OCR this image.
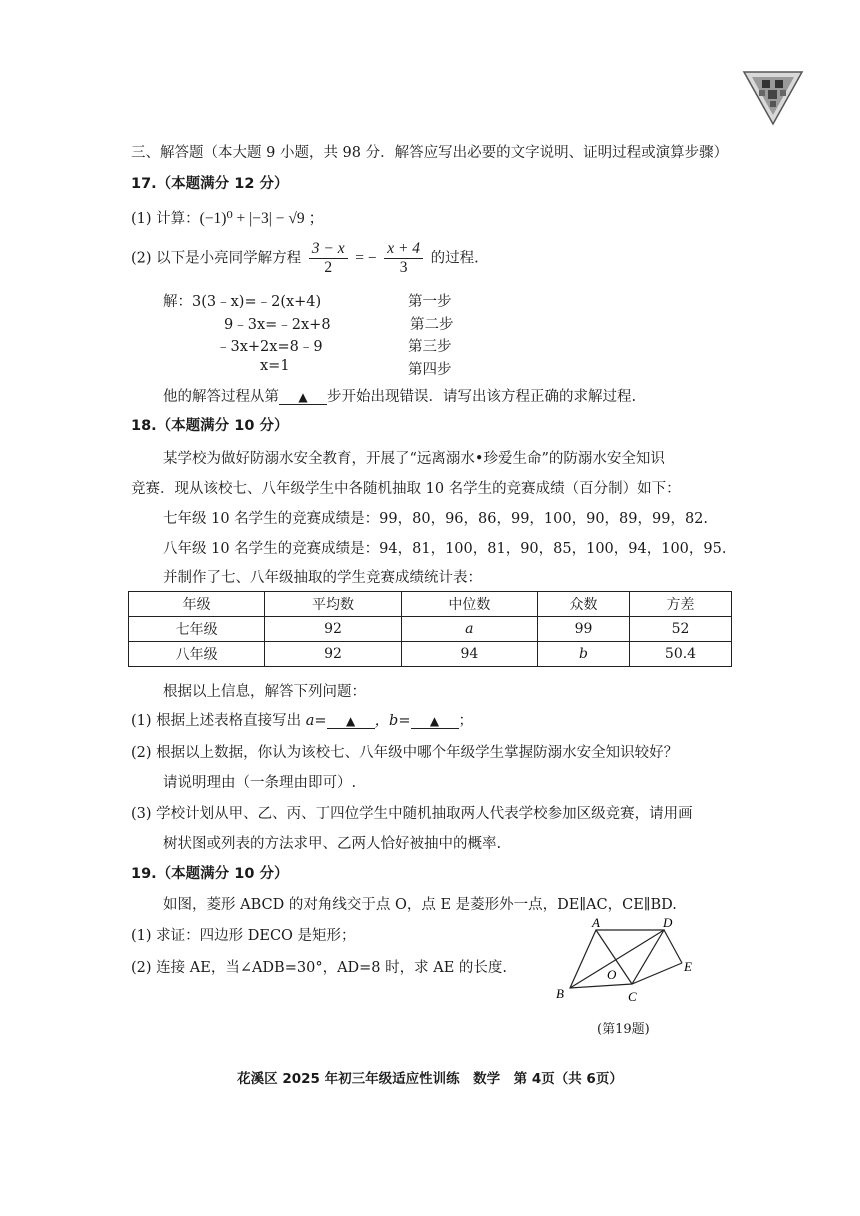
三、解答题（本大题 9 小题，共 98 分．解答应写出必要的文字说明、证明过程或演算步骤）
17.（本题满分 12 分）
(1) 计算：(−1)⁰ + |−3| − √9 ；
(2) 以下是小亮同学解方程 $\frac{3 - x}{2}$ = − $\frac{x + 4}{3}$ 的过程.
解：3(3﹣x)=﹣2(x+4)	第一步
9﹣3x=﹣2x+8	第二步
﹣3x+2x=8﹣9	第三步
x=1	第四步
他的解答过程从第 ▲ 步开始出现错误．请写出该方程正确的求解过程.
18.（本题满分 10 分）
某学校为做好防溺水安全教育，开展了“远离溺水•珍爱生命”的防溺水安全知识
竞赛．现从该校七、八年级学生中各随机抽取 10 名学生的竞赛成绩（百分制）如下：
七年级 10 名学生的竞赛成绩是：99，80，96，86，99，100，90，89，99，82.
八年级 10 名学生的竞赛成绩是：94，81，100，81，90，85，100，94，100，95.
并制作了七、八年级抽取的学生竞赛成绩统计表：
年级	平均数	中位数	众数	方差
七年级	92	a	99	52
八年级	92	94	b	50.4
根据以上信息，解答下列问题：
(1) 根据上述表格直接写出 a= ▲ ，b= ▲ ；
(2) 根据以上数据，你认为该校七、八年级中哪个年级学生掌握防溺水安全知识较好？
请说明理由（一条理由即可）.
(3) 学校计划从甲、乙、丙、丁四位学生中随机抽取两人代表学校参加区级竞赛，请用画
树状图或列表的方法求甲、乙两人恰好被抽中的概率.
19.（本题满分 10 分）
如图，菱形 ABCD 的对角线交于点 O，点 E 是菱形外一点，DE∥AC，CE∥BD.
(1) 求证：四边形 DECO 是矩形；
(2) 连接 AE，当∠ADB=30°，AD=8 时，求 AE 的长度.
A	D
E
O
B	C
(第19题)
花溪区 2025 年初三年级适应性训练　数学　第 4页（共 6页）
